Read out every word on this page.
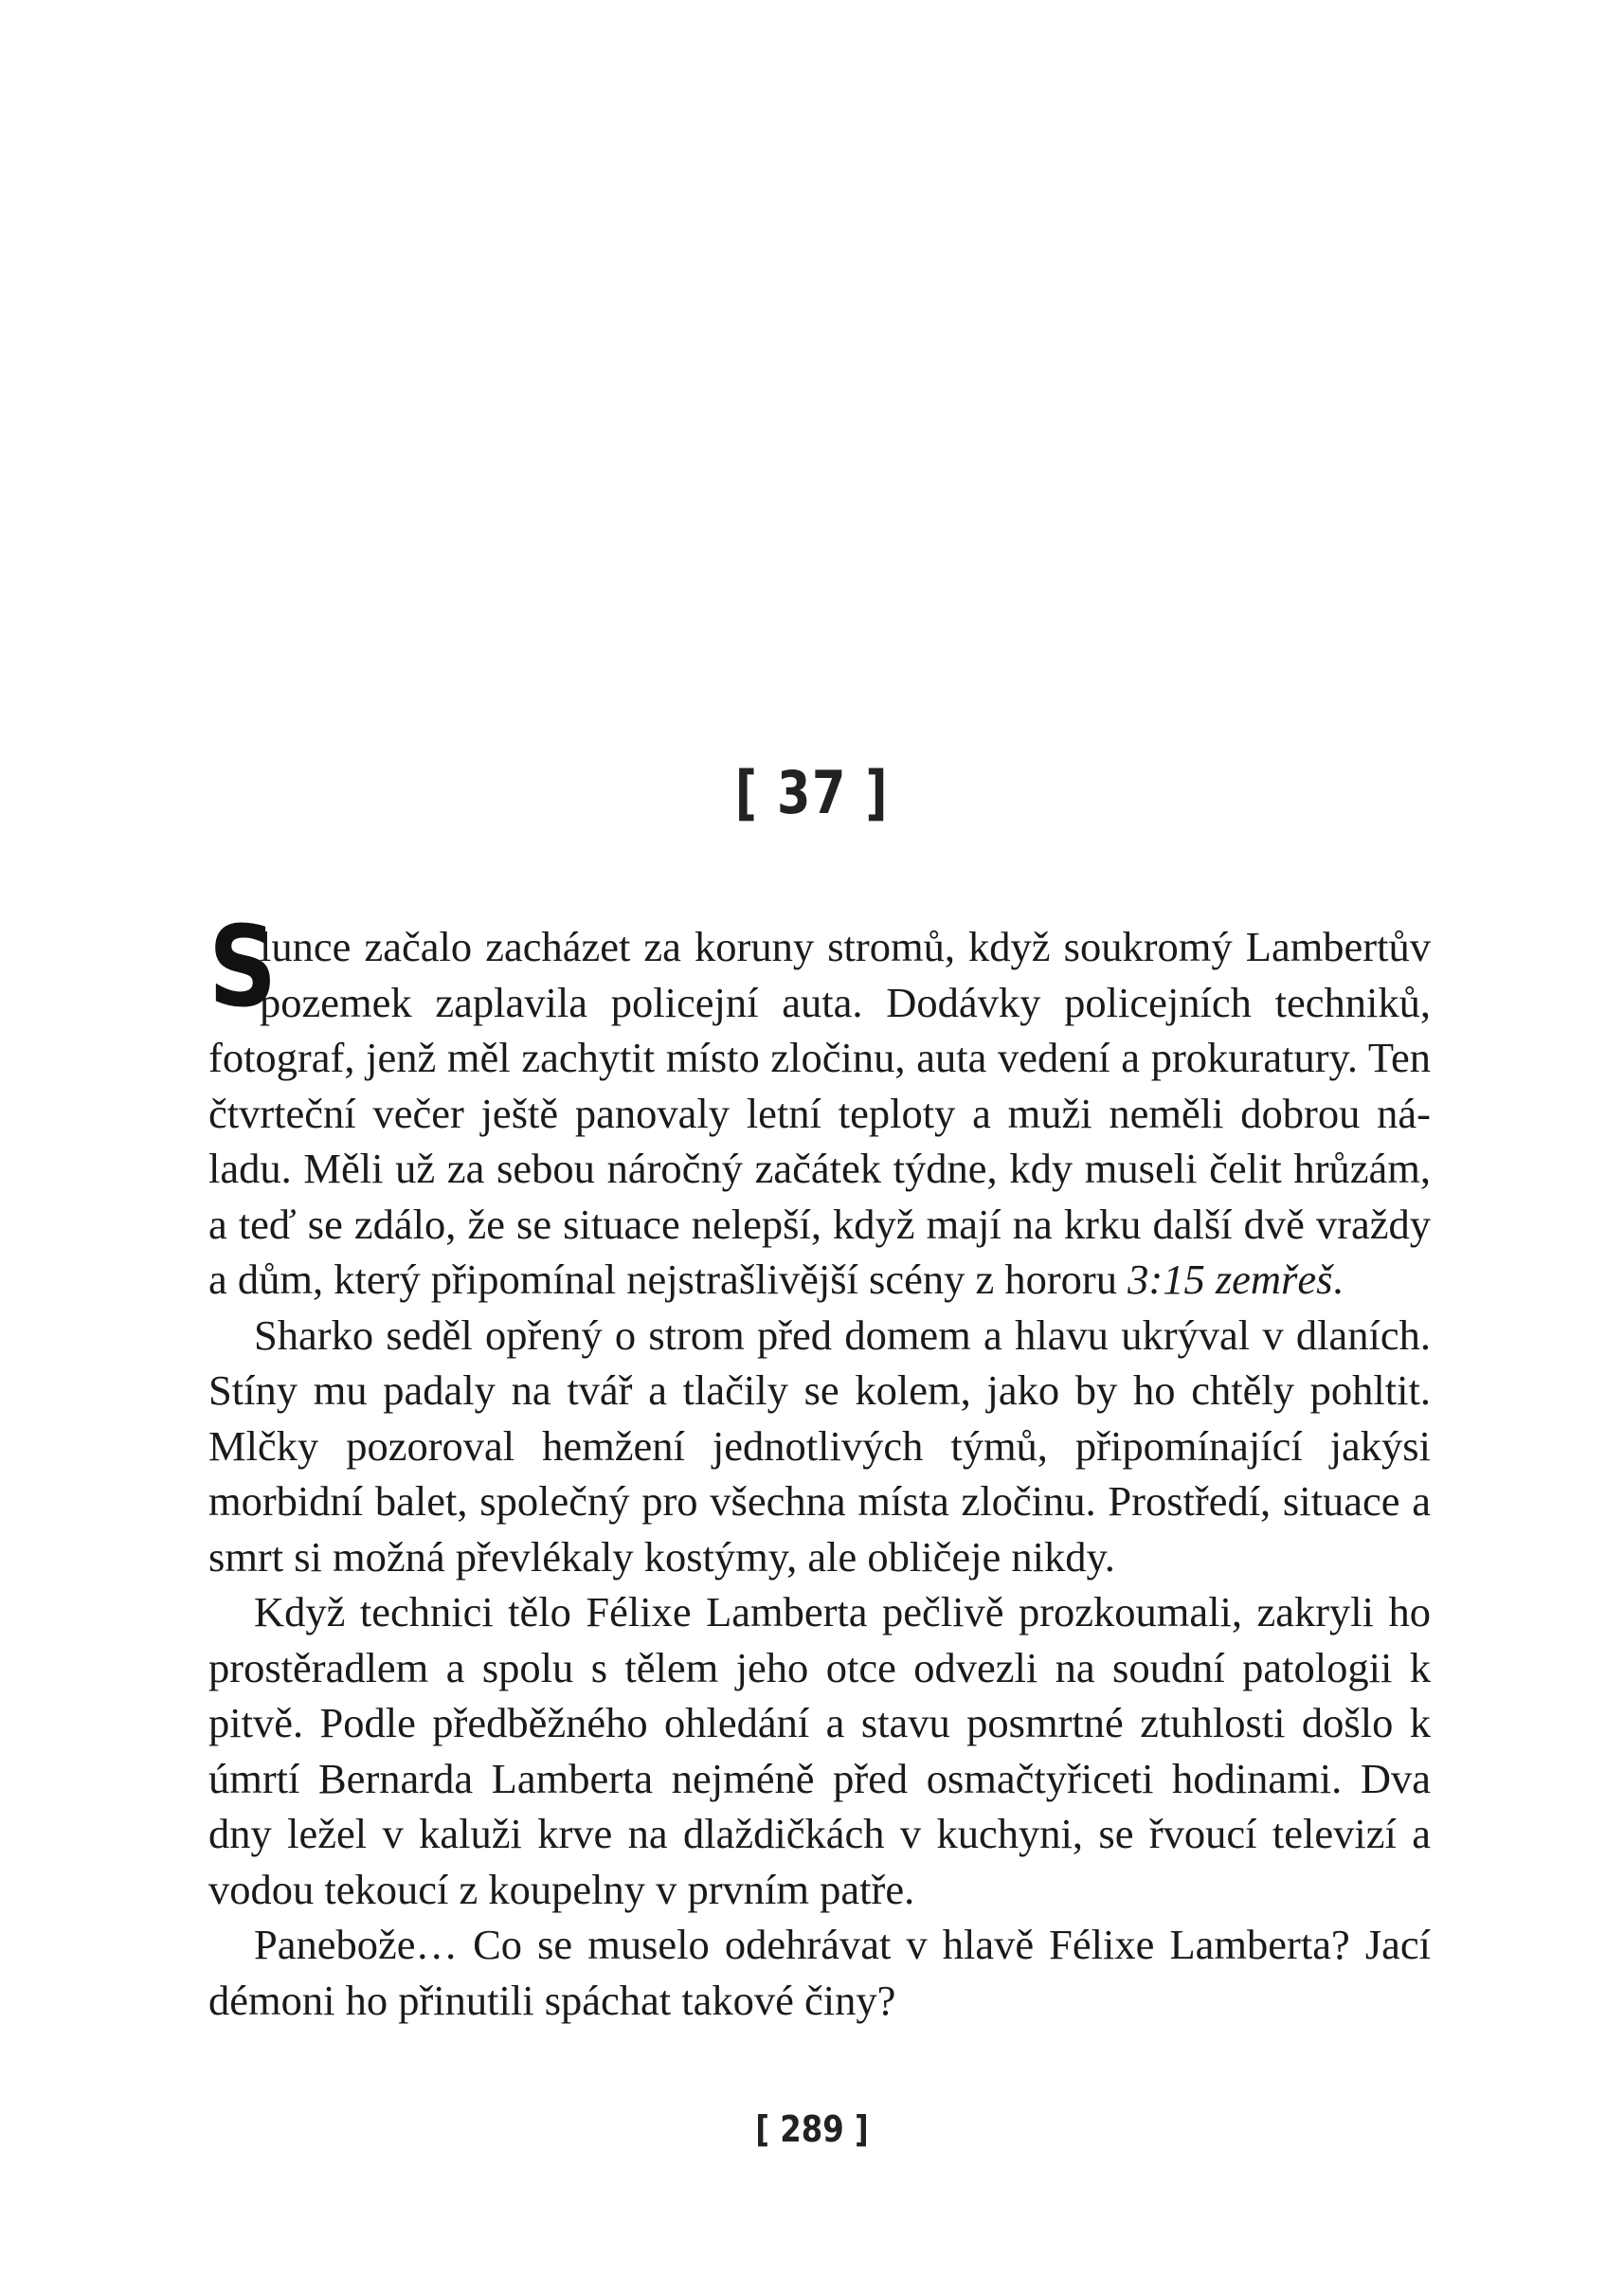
[ 37 ]

S
lunce začalo zacházet za koruny stromů, když soukromý Lambertův pozemek zaplavila policejní auta. Dodávky policejních techniků, fotograf, jenž měl zachytit místo zločinu, auta vedení a prokuratury. Ten čtvrteční večer ještě panovaly letní teploty a muži neměli dobrou náladu. Měli už za sebou náročný začátek týdne, kdy museli čelit hrůzám, a teď se zdálo, že se situace nelepší, když mají na krku další dvě vraždy a dům, který připomínal nejstrašlivější scény z hororu 3:15 zemřeš.

Sharko seděl opřený o strom před domem a hlavu ukrýval v dlaních. Stíny mu padaly na tvář a tlačily se kolem, jako by ho chtěly pohltit. Mlčky pozoroval hemžení jednotlivých týmů, připomínající jakýsi morbidní balet, společný pro všechna místa zločinu. Prostředí, situace a smrt si možná převlékaly kostýmy, ale obličeje nikdy.

Když technici tělo Félixe Lamberta pečlivě prozkoumali, zakryli ho prostěradlem a spolu s tělem jeho otce odvezli na soudní patologii k pitvě. Podle předběžného ohledání a stavu posmrtné ztuhlosti došlo k úmrtí Bernarda Lamberta nejméně před osmačtyřiceti hodinami. Dva dny ležel v kaluži krve na dlaždičkách v kuchyni, se řvoucí televizí a vodou tekoucí z koupelny v prvním patře.

Panebože… Co se muselo odehrávat v hlavě Félixe Lamberta? Jací démoni ho přinutili spáchat takové činy?

[ 289 ]
